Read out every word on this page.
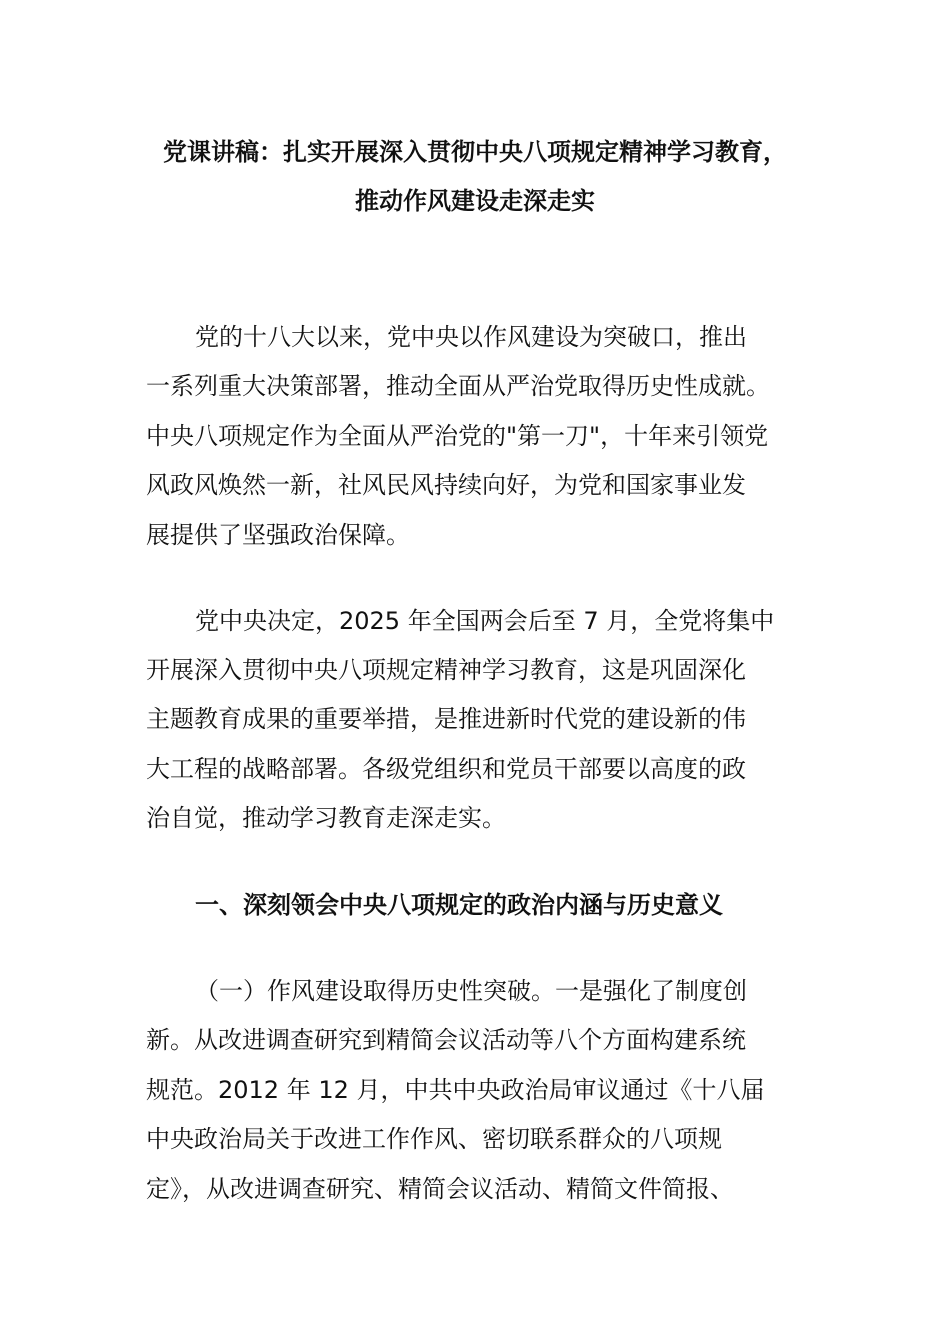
党课讲稿：扎实开展深入贯彻中央八项规定精神学习教育，
推动作风建设走深走实
党的十八大以来，党中央以作风建设为突破口，推出
一系列重大决策部署，推动全面从严治党取得历史性成就。
中央八项规定作为全面从严治党的"第一刀"，十年来引领党
风政风焕然一新，社风民风持续向好，为党和国家事业发
展提供了坚强政治保障。
党中央决定，2025 年全国两会后至 7 月，全党将集中
开展深入贯彻中央八项规定精神学习教育，这是巩固深化
主题教育成果的重要举措，是推进新时代党的建设新的伟
大工程的战略部署。各级党组织和党员干部要以高度的政
治自觉，推动学习教育走深走实。
一、深刻领会中央八项规定的政治内涵与历史意义
（一）作风建设取得历史性突破。一是强化了制度创
新。从改进调查研究到精简会议活动等八个方面构建系统
规范。2012 年 12 月，中共中央政治局审议通过《十八届
中央政治局关于改进工作作风、密切联系群众的八项规
定》，从改进调查研究、精简会议活动、精简文件简报、
